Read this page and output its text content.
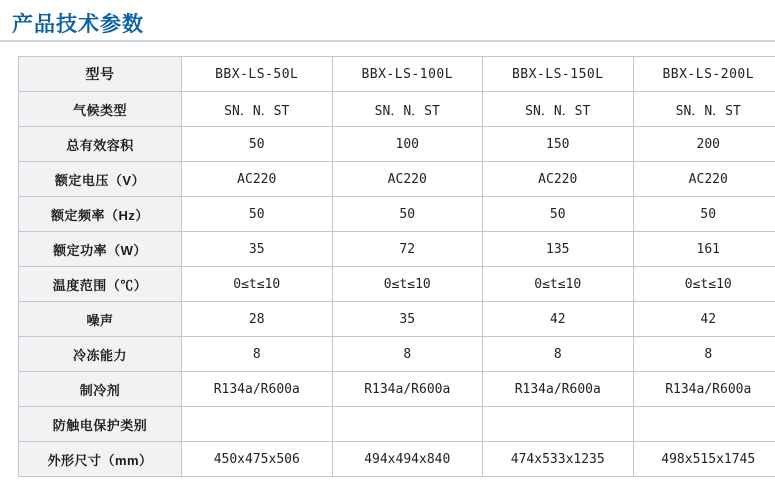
产品技术参数
型号	BBX-LS-50L	BBX-LS-100L	BBX-LS-150L	BBX-LS-200L
气候类型	SN．N．ST	SN．N．ST	SN．N．ST	SN．N．ST
总有效容积	50	100	150	200
额定电压（V）	AC220	AC220	AC220	AC220
额定频率（Hz）	50	50	50	50
额定功率（W）	35	72	135	161
温度范围（℃）	0≤t≤10	0≤t≤10	0≤t≤10	0≤t≤10
噪声	28	35	42	42
冷冻能力	8	8	8	8
制冷剂	R134a/R600a	R134a/R600a	R134a/R600a	R134a/R600a
防触电保护类别				
外形尺寸（mm）	450x475x506	494x494x840	474x533x1235	498x515x1745
